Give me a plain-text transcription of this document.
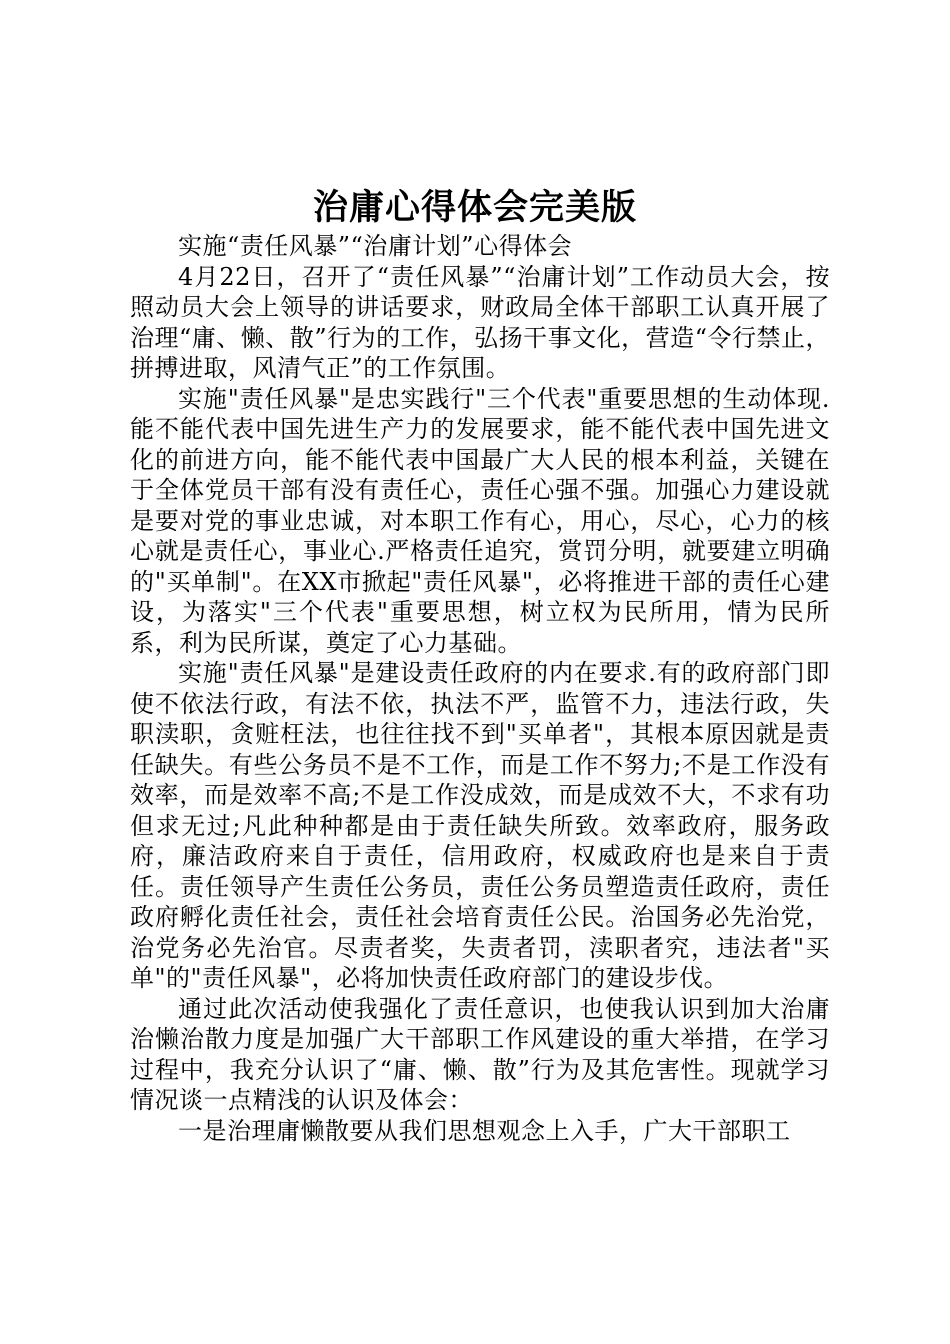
治庸心得体会完美版

实施“责任风暴”“治庸计划”心得体会

4月22日，召开了“责任风暴”“治庸计划”工作动员大会，按照动员大会上领导的讲话要求，财政局全体干部职工认真开展了治理“庸、懒、散”行为的工作，弘扬干事文化，营造“令行禁止，拼搏进取，风清气正”的工作氛围。

实施"责任风暴"是忠实践行"三个代表"重要思想的生动体现.能不能代表中国先进生产力的发展要求，能不能代表中国先进文化的前进方向，能不能代表中国最广大人民的根本利益，关键在于全体党员干部有没有责任心，责任心强不强。加强心力建设就是要对党的事业忠诚，对本职工作有心，用心，尽心，心力的核心就是责任心，事业心.严格责任追究，赏罚分明，就要建立明确的"买单制"。在XX市掀起"责任风暴"，必将推进干部的责任心建设，为落实"三个代表"重要思想，树立权为民所用，情为民所系，利为民所谋，奠定了心力基础。

实施"责任风暴"是建设责任政府的内在要求.有的政府部门即使不依法行政，有法不依，执法不严，监管不力，违法行政，失职渎职，贪赃枉法，也往往找不到"买单者"，其根本原因就是责任缺失。有些公务员不是不工作，而是工作不努力;不是工作没有效率，而是效率不高;不是工作没成效，而是成效不大，不求有功但求无过;凡此种种都是由于责任缺失所致。效率政府，服务政府，廉洁政府来自于责任，信用政府，权威政府也是来自于责任。责任领导产生责任公务员，责任公务员塑造责任政府，责任政府孵化责任社会，责任社会培育责任公民。治国务必先治党，治党务必先治官。尽责者奖，失责者罚，渎职者究，违法者"买单"的"责任风暴"，必将加快责任政府部门的建设步伐。

通过此次活动使我强化了责任意识，也使我认识到加大治庸治懒治散力度是加强广大干部职工作风建设的重大举措，在学习过程中，我充分认识了“庸、懒、散”行为及其危害性。现就学习情况谈一点精浅的认识及体会：

一是治理庸懒散要从我们思想观念上入手，广大干部职工
